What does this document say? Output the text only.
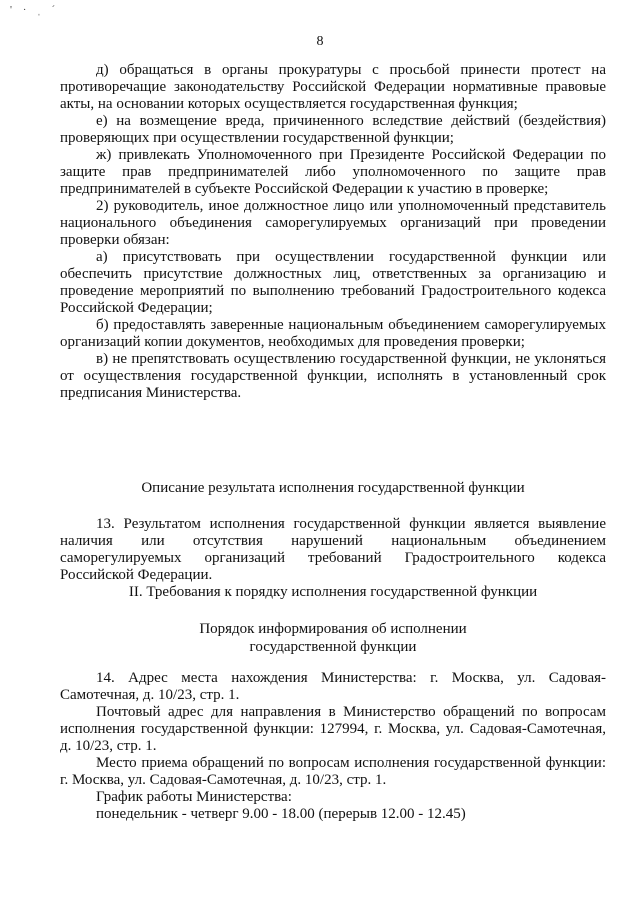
' · ˌ ˊ
8

д) обращаться в органы прокуратуры с просьбой принести протест на противоречащие законодательству Российской Федерации нормативные правовые акты, на основании которых осуществляется государственная функция;

е) на возмещение вреда, причиненного вследствие действий (бездействия) проверяющих при осуществлении государственной функции;

ж) привлекать Уполномоченного при Президенте Российской Федерации по защите прав предпринимателей либо уполномоченного по защите прав предпринимателей в субъекте Российской Федерации к участию в проверке;

2) руководитель, иное должностное лицо или уполномоченный представитель национального объединения саморегулируемых организаций при проведении проверки обязан:

а) присутствовать при осуществлении государственной функции или обеспечить присутствие должностных лиц, ответственных за организацию и проведение мероприятий по выполнению требований Градостроительного кодекса Российской Федерации;

б) предоставлять заверенные национальным объединением саморегулируемых организаций копии документов, необходимых для проведения проверки;

в) не препятствовать осуществлению государственной функции, не уклоняться от осуществления государственной функции, исполнять в установленный срок предписания Министерства.

Описание результата исполнения государственной функции

13. Результатом исполнения государственной функции является выявление наличия или отсутствия нарушений национальным объединением саморегулируемых организаций требований Градостроительного кодекса Российской Федерации.

II. Требования к порядку исполнения государственной функции

Порядок информирования об исполнении

государственной функции

14. Адрес места нахождения Министерства: г. Москва, ул. Садовая-Самотечная, д. 10/23, стр. 1.

Почтовый адрес для направления в Министерство обращений по вопросам исполнения государственной функции: 127994, г. Москва, ул. Садовая-Самотечная, д. 10/23, стр. 1.

Место приема обращений по вопросам исполнения государственной функции: г. Москва, ул. Садовая-Самотечная, д. 10/23, стр. 1.

График работы Министерства:

понедельник - четверг 9.00 - 18.00 (перерыв 12.00 - 12.45)
